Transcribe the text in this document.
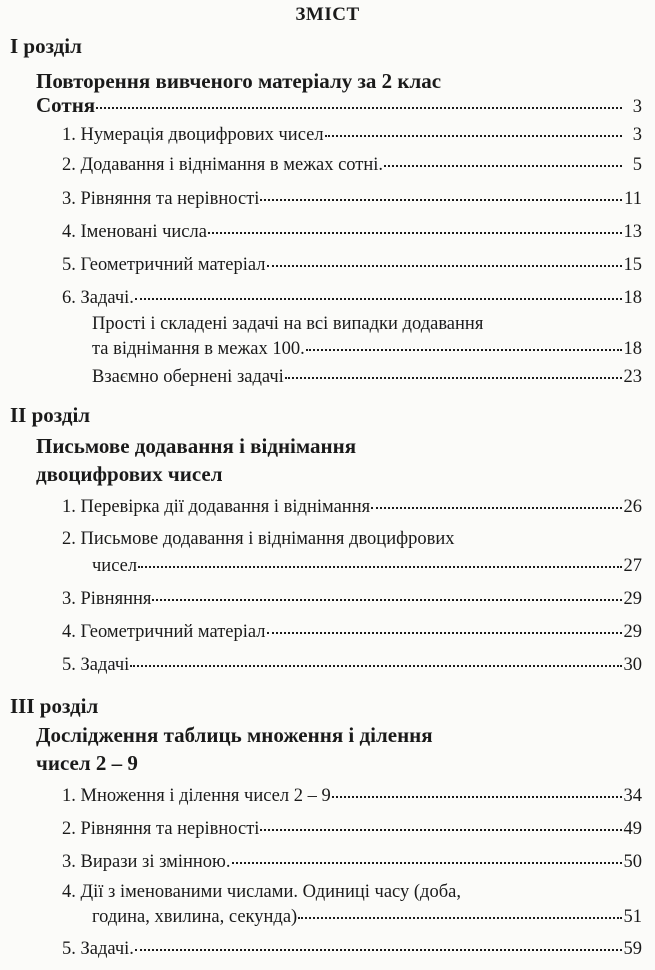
ЗМІСТ
І розділ
Повторення вивченого матеріалу за 2 клас
Сотня	3
1. Нумерація двоцифрових чисел	3
2. Додавання і віднімання в межах сотні.	5
3. Рівняння та нерівності	11
4. Іменовані числа	13
5. Геометричний матеріал	15
6. Задачі.	18
Прості і складені задачі на всі випадки додавання
та віднімання в межах 100.	18
Взаємно обернені задачі	23
ІІ розділ
Письмове додавання і віднімання
двоцифрових чисел
1. Перевірка дії додавання і віднімання	26
2. Письмове додавання і віднімання двоцифрових
чисел	27
3. Рівняння	29
4. Геометричний матеріал	29
5. Задачі	30
ІІІ розділ
Дослідження таблиць множення і ділення
чисел 2 – 9
1. Множення і ділення чисел 2 – 9	34
2. Рівняння та нерівності	49
3. Вирази зі змінною.	50
4. Дії з іменованими числами. Одиниці часу (доба,
година, хвилина, секунда)	51
5. Задачі.	59
